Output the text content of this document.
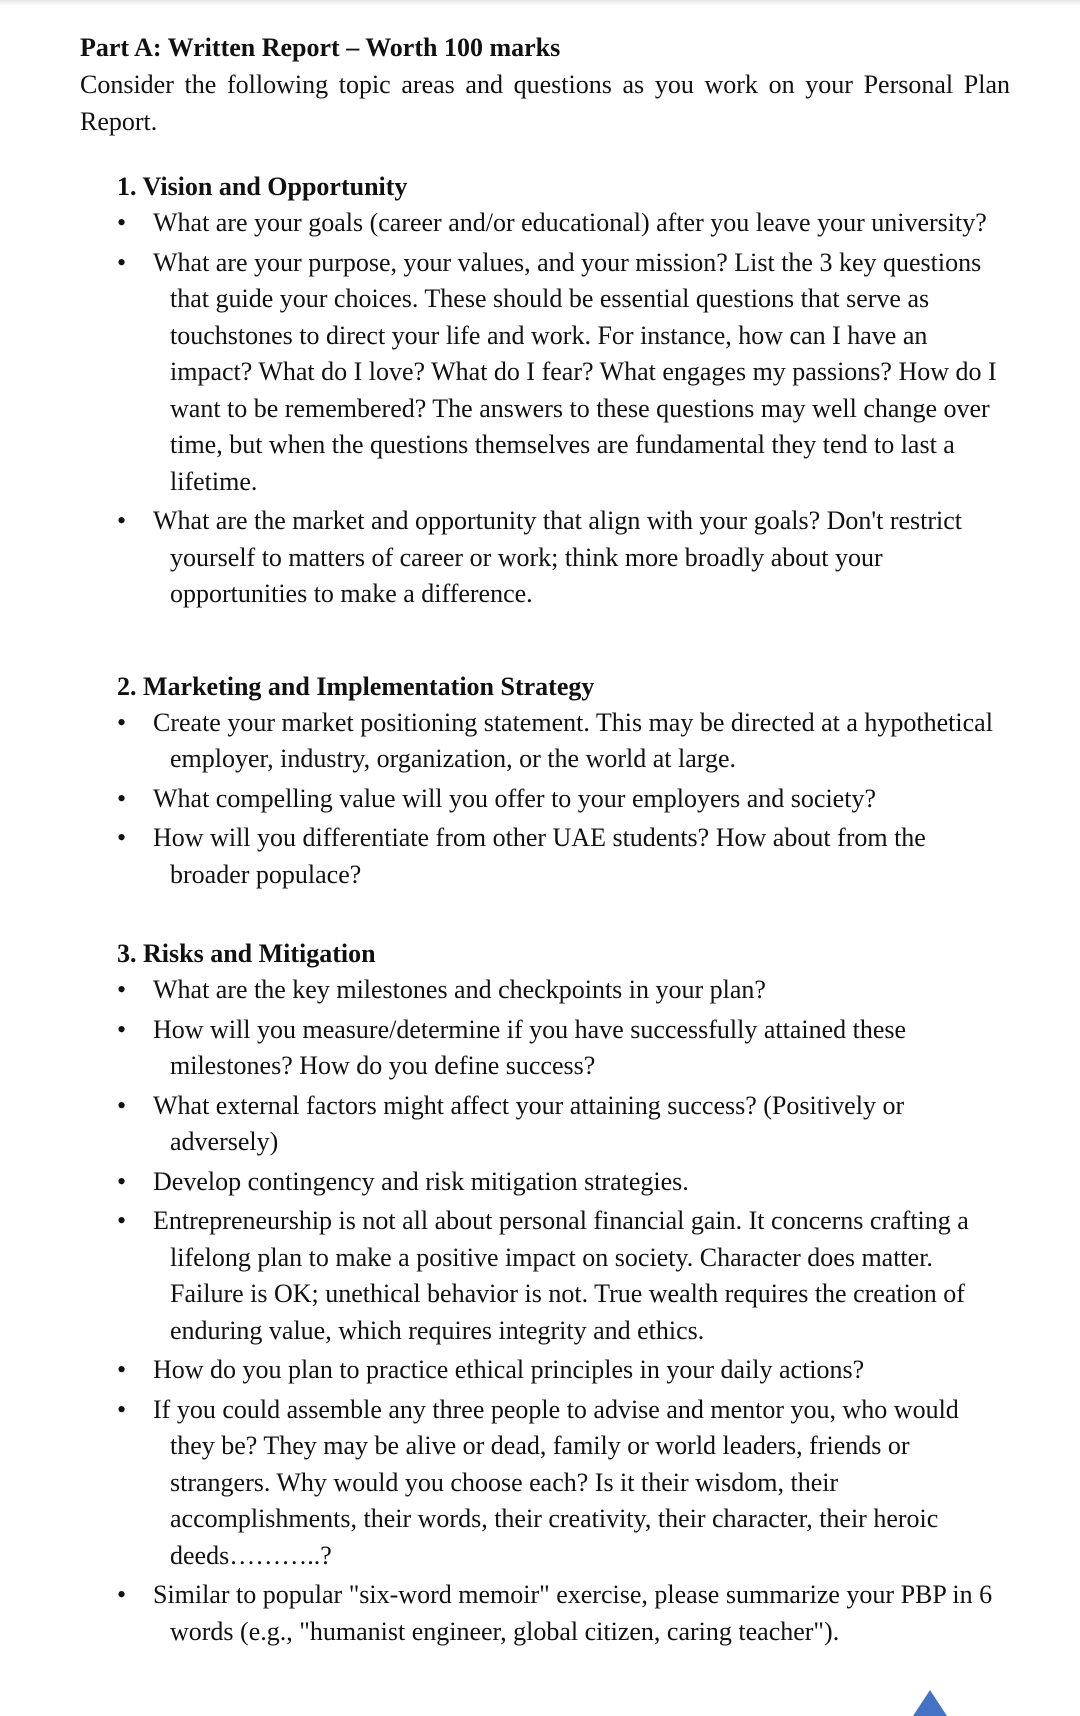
Part A: Written Report – Worth 100 marks

Consider the following topic areas and questions as you work on your Personal Plan Report.

1. Vision and Opportunity

•	What are your goals (career and/or educational) after you leave your university?
•	What are your purpose, your values, and your mission? List the 3 key questions that guide your choices. These should be essential questions that serve as touchstones to direct your life and work. For instance, how can I have an impact? What do I love? What do I fear? What engages my passions? How do I want to be remembered? The answers to these questions may well change over time, but when the questions themselves are fundamental they tend to last a lifetime.
•	What are the market and opportunity that align with your goals? Don't restrict yourself to matters of career or work; think more broadly about your opportunities to make a difference.

2. Marketing and Implementation Strategy

•	Create your market positioning statement. This may be directed at a hypothetical employer, industry, organization, or the world at large.
•	What compelling value will you offer to your employers and society?
•	How will you differentiate from other UAE students? How about from the broader populace?

3. Risks and Mitigation

•	What are the key milestones and checkpoints in your plan?
•	How will you measure/determine if you have successfully attained these milestones? How do you define success?
•	What external factors might affect your attaining success? (Positively or adversely)
•	Develop contingency and risk mitigation strategies.
•	Entrepreneurship is not all about personal financial gain. It concerns crafting a lifelong plan to make a positive impact on society. Character does matter. Failure is OK; unethical behavior is not. True wealth requires the creation of enduring value, which requires integrity and ethics.
•	How do you plan to practice ethical principles in your daily actions?
•	If you could assemble any three people to advise and mentor you, who would they be? They may be alive or dead, family or world leaders, friends or strangers. Why would you choose each? Is it their wisdom, their accomplishments, their words, their creativity, their character, their heroic deeds………..?
•	Similar to popular "six-word memoir" exercise, please summarize your PBP in 6 words (e.g., "humanist engineer, global citizen, caring teacher").
